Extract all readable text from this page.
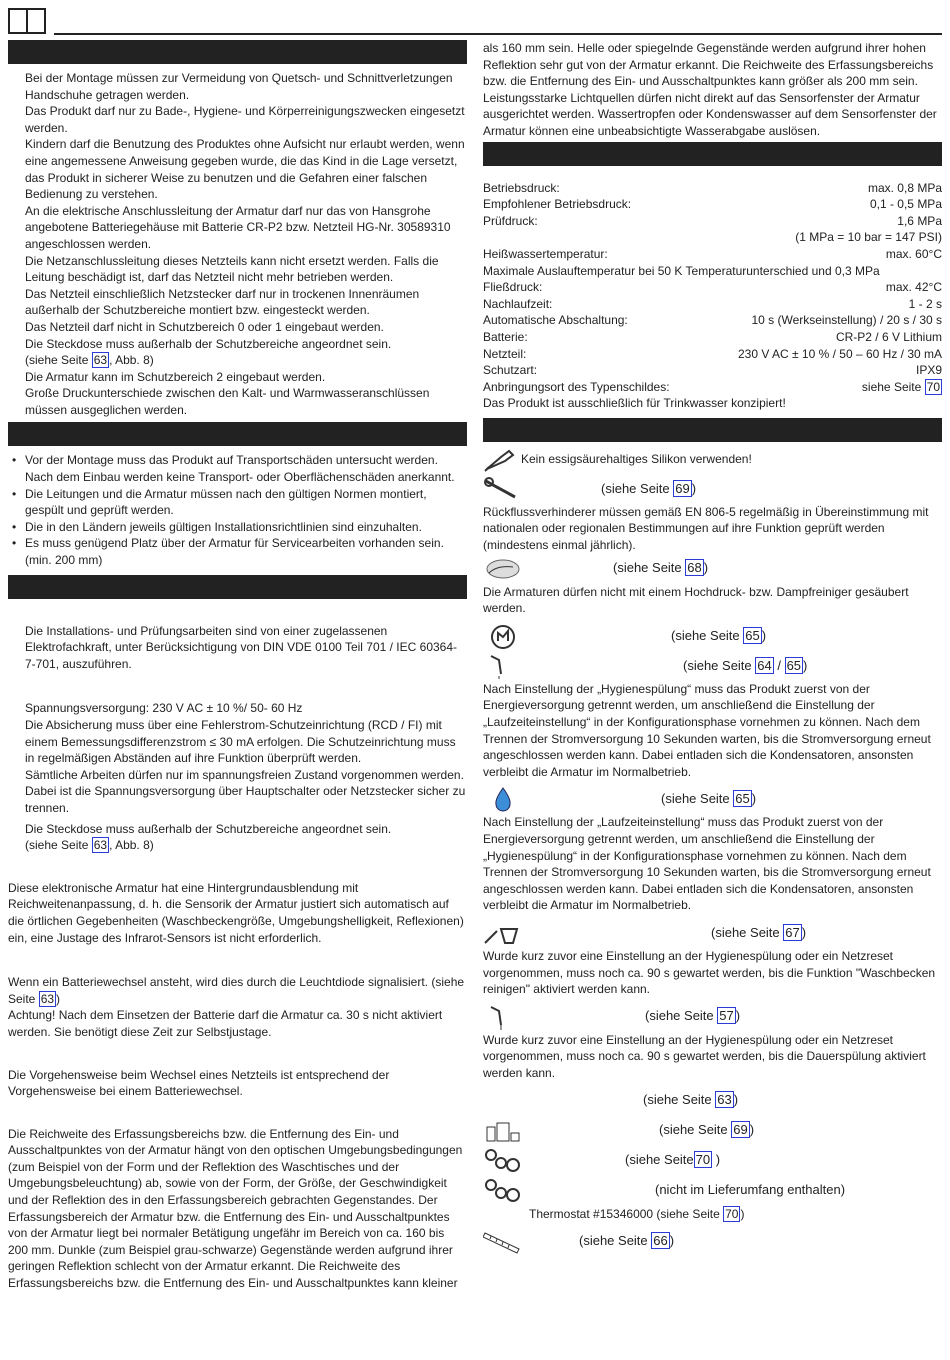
Bei der Montage müssen zur Vermeidung von Quetsch- und Schnittverletzungen Handschuhe getragen werden.

Das Produkt darf nur zu Bade-, Hygiene- und Körperreinigungszwecken eingesetzt werden.

Kindern darf die Benutzung des Produktes ohne Aufsicht nur erlaubt werden, wenn eine angemessene Anweisung gegeben wurde, die das Kind in die Lage versetzt, das Produkt in sicherer Weise zu benutzen und die Gefahren einer falschen Bedienung zu verstehen.

An die elektrische Anschlussleitung der Armatur darf nur das von Hansgrohe angebotene Batteriegehäuse mit Batterie CR-P2 bzw. Netzteil HG-Nr. 30589310 angeschlossen werden.

Die Netzanschlussleitung dieses Netzteils kann nicht ersetzt werden. Falls die Leitung beschädigt ist, darf das Netzteil nicht mehr betrieben werden.

Das Netzteil einschließlich Netzstecker darf nur in trockenen Innenräumen außerhalb der Schutzbereiche montiert bzw. eingesteckt werden.

Das Netzteil darf nicht in Schutzbereich 0 oder 1 eingebaut werden.

Die Steckdose muss außerhalb der Schutzbereiche angeordnet sein.

(siehe Seite 63 , Abb. 8)

Die Armatur kann im Schutzbereich 2 eingebaut werden.

Große Druckunterschiede zwischen den Kalt- und Warmwasseranschlüssen müssen ausgeglichen werden.

• Vor der Montage muss das Produkt auf Transportschäden untersucht werden. Nach dem Einbau werden keine Transport- oder Oberflächenschäden anerkannt.

• Die Leitungen und die Armatur müssen nach den gültigen Normen montiert, gespült und geprüft werden.

• Die in den Ländern jeweils gültigen Installationsrichtlinien sind einzuhalten.

• Es muss genügend Platz über der Armatur für Servicearbeiten vorhanden sein. (min. 200 mm)

Die Installations- und Prüfungsarbeiten sind von einer zugelassenen Elektrofachkraft, unter Berücksichtigung von DIN VDE 0100 Teil 701 / IEC 60364-7-701, auszuführen.

Spannungsversorgung: 230 V AC ± 10 %/ 50- 60 Hz

Die Absicherung muss über eine Fehlerstrom-Schutzeinrichtung (RCD / FI) mit einem Bemessungsdifferenzstrom ≤ 30 mA erfolgen. Die Schutzeinrichtung muss in regelmäßigen Abständen auf ihre Funktion überprüft werden.

Sämtliche Arbeiten dürfen nur im spannungsfreien Zustand vorgenommen werden. Dabei ist die Spannungsversorgung über Hauptschalter oder Netzstecker sicher zu trennen.

Die Steckdose muss außerhalb der Schutzbereiche angeordnet sein.

(siehe Seite 63 , Abb. 8)

Diese elektronische Armatur hat eine Hintergrundausblendung mit Reichweitenanpassung, d. h. die Sensorik der Armatur justiert sich automatisch auf die örtlichen Gegebenheiten (Waschbeckengröße, Umgebungshelligkeit, Reflexionen) ein, eine Justage des Infrarot-Sensors ist nicht erforderlich.

Wenn ein Batteriewechsel ansteht, wird dies durch die Leuchtdiode signalisiert. (siehe Seite 63 )

Achtung! Nach dem Einsetzen der Batterie darf die Armatur ca. 30 s nicht aktiviert werden. Sie benötigt diese Zeit zur Selbstjustage.

Die Vorgehensweise beim Wechsel eines Netzteils ist entsprechend der Vorgehensweise bei einem Batteriewechsel.

Die Reichweite des Erfassungsbereichs bzw. die Entfernung des Ein- und Ausschaltpunktes von der Armatur hängt von den optischen Umgebungsbedingungen (zum Beispiel von der Form und der Reflektion des Waschtisches und der Umgebungsbeleuchtung) ab, sowie von der Form, der Größe, der Geschwindigkeit und der Reflektion des in den Erfassungsbereich gebrachten Gegenstandes. Der Erfassungsbereich der Armatur bzw. die Entfernung des Ein- und Ausschaltpunktes von der Armatur liegt bei normaler Betätigung ungefähr im Bereich von ca. 160 bis 200 mm. Dunkle (zum Beispiel grau-schwarze) Gegenstände werden aufgrund ihrer geringen Reflektion schlecht von der Armatur erkannt. Die Reichweite des Erfassungsbereichs bzw. die Entfernung des Ein- und Ausschaltpunktes kann kleiner

als 160 mm sein. Helle oder spiegelnde Gegenstände werden aufgrund ihrer hohen Reflektion sehr gut von der Armatur erkannt. Die Reichweite des Erfassungsbereichs bzw. die Entfernung des Ein- und Ausschaltpunktes kann größer als 200 mm sein. Leistungsstarke Lichtquellen dürfen nicht direkt auf das Sensorfenster der Armatur ausgerichtet werden. Wassertropfen oder Kondenswasser auf dem Sensorfenster der Armatur können eine unbeabsichtigte Wasserabgabe auslösen.

Betriebsdruck:	max. 0,8 MPa
Empfohlener Betriebsdruck:	0,1 - 0,5 MPa
Prüfdruck:	1,6 MPa
(1 MPa = 10 bar = 147 PSI)
Heißwassertemperatur:	max. 60°C
Maximale Auslauftemperatur bei 50 K Temperaturunterschied und 0,3 MPa
Fließdruck:	max. 42°C
Nachlaufzeit:	1 - 2 s
Automatische Abschaltung:	10 s (Werkseinstellung) / 20 s / 30 s
Batterie:	CR-P2 / 6 V Lithium
Netzteil:	230 V AC ± 10 % / 50 – 60 Hz / 30 mA
Schutzart:	IPX9
Anbringungsort des Typenschildes:	siehe Seite 70

Das Produkt ist ausschließlich für Trinkwasser konzipiert!

Kein essigsäurehaltiges Silikon verwenden!
(siehe Seite 69 )

Rückflussverhinderer müssen gemäß EN 806-5 regelmäßig in Übereinstimmung mit nationalen oder regionalen Bestimmungen auf ihre Funktion geprüft werden (mindestens einmal jährlich).

(siehe Seite 68 )

Die Armaturen dürfen nicht mit einem Hochdruck- bzw. Dampfreiniger gesäubert werden.

(siehe Seite 65 )
(siehe Seite 64 / 65 )

Nach Einstellung der „Hygienespülung“ muss das Produkt zuerst von der Energieversorgung getrennt werden, um anschließend die Einstellung der „Laufzeiteinstellung“ in der Konfigurationsphase vornehmen zu können. Nach dem Trennen der Stromversorgung 10 Sekunden warten, bis die Stromversorgung erneut angeschlossen werden kann. Dabei entladen sich die Kondensatoren, ansonsten verbleibt die Armatur im Normalbetrieb.

(siehe Seite 65 )

Nach Einstellung der „Laufzeiteinstellung“ muss das Produkt zuerst von der Energieversorgung getrennt werden, um anschließend die Einstellung der „Hygienespülung“ in der Konfigurationsphase vornehmen zu können. Nach dem Trennen der Stromversorgung 10 Sekunden warten, bis die Stromversorgung erneut angeschlossen werden kann. Dabei entladen sich die Kondensatoren, ansonsten verbleibt die Armatur im Normalbetrieb.

(siehe Seite 67 )

Wurde kurz zuvor eine Einstellung an der Hygienespülung oder ein Netzreset vorgenommen, muss noch ca. 90 s gewartet werden, bis die Funktion "Waschbecken reinigen" aktiviert werden kann.

(siehe Seite 57 )

Wurde kurz zuvor eine Einstellung an der Hygienespülung oder ein Netzreset vorgenommen, muss noch ca. 90 s gewartet werden, bis die Dauerspülung aktiviert werden kann.

(siehe Seite 63 )
(siehe Seite 69 )
(siehe Seite 70 )
(nicht im Lieferumfang enthalten)

Thermostat #15346000 (siehe Seite 70 )

(siehe Seite 66 )
